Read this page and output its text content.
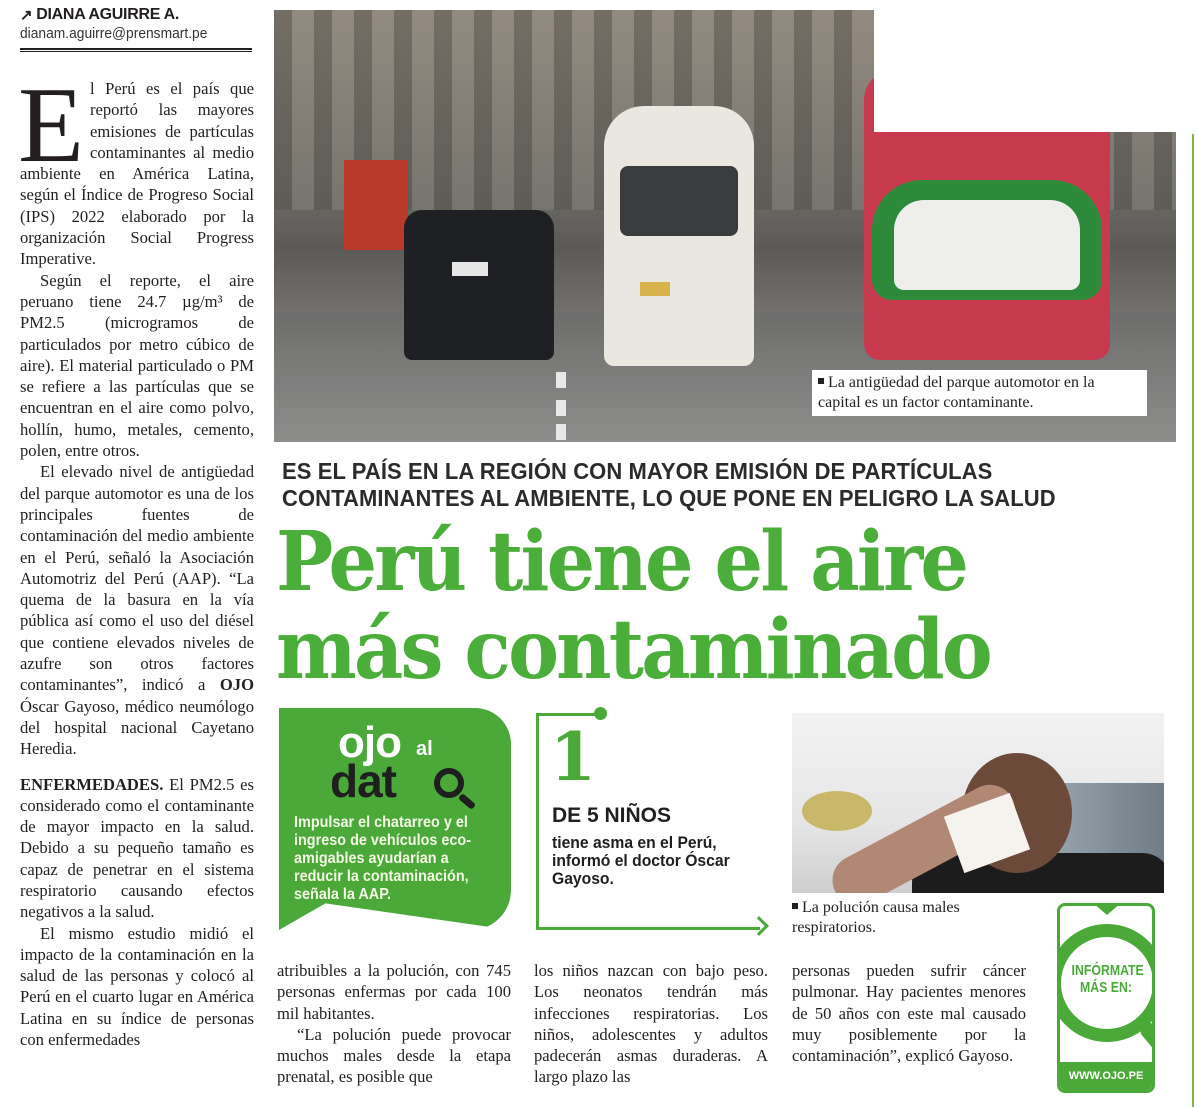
↗ DIANA AGUIRRE A.
dianam.aguirre@prensmart.pe

El Perú es el país que reportó las mayores emisiones de partículas contaminantes al medio ambiente en América Latina, según el Índice de Progreso Social (IPS) 2022 elaborado por la organización Social Progress Imperative.

Según el reporte, el aire peruano tiene 24.7 µg/m³ de PM2.5 (microgramos de particulados por metro cúbico de aire). El material particulado o PM se refiere a las partículas que se encuentran en el aire como polvo, hollín, humo, metales, cemento, polen, entre otros.

El elevado nivel de antigüedad del parque automotor es una de los principales fuentes de contaminación del medio ambiente en el Perú, señaló la Asociación Automotriz del Perú (AAP). “La quema de la basura en la vía pública así como el uso del diésel que contiene elevados niveles de azufre son otros factores contaminantes”, indicó a OJO Óscar Gayoso, médico neumólogo del hospital nacional Cayetano Heredia.

ENFERMEDADES. El PM2.5 es considerado como el contaminante de mayor impacto en la salud. Debido a su pequeño tamaño es capaz de penetrar en el sistema respiratorio causando efectos negativos a la salud.

El mismo estudio midió el impacto de la contaminación en la salud de las personas y colocó al Perú en el cuarto lugar en América Latina en su índice de personas con enfermedades

La antigüedad del parque automotor en la capital es un factor contaminante.
ES EL PAÍS EN LA REGIÓN CON MAYOR EMISIÓN DE PARTÍCULAS CONTAMINANTES AL AMBIENTE, LO QUE PONE EN PELIGRO LA SALUD
Perú tiene el aire
más contaminado
ojo al
dat
Impulsar el chatarreo y el ingreso de vehículos eco-amigables ayudarían a reducir la contaminación, señala la AAP.
1
DE 5 NIÑOS
tiene asma en el Perú, informó el doctor Óscar Gayoso.
La polución causa males respiratorios.

atribuibles a la polución, con 745 personas enfermas por cada 100 mil habitantes.

“La polución puede provocar muchos males desde la etapa prenatal, es posible que

los niños nazcan con bajo peso. Los neonatos tendrán más infecciones respiratorias. Los niños, adolescentes y adultos padecerán asmas duraderas. A largo plazo las

personas pueden sufrir cáncer pulmonar. Hay pacientes menores de 50 años con este mal causado muy posiblemente por la contaminación”, explicó Gayoso.

INFÓRMATE
MÁS EN:
WWW.OJO.PE
